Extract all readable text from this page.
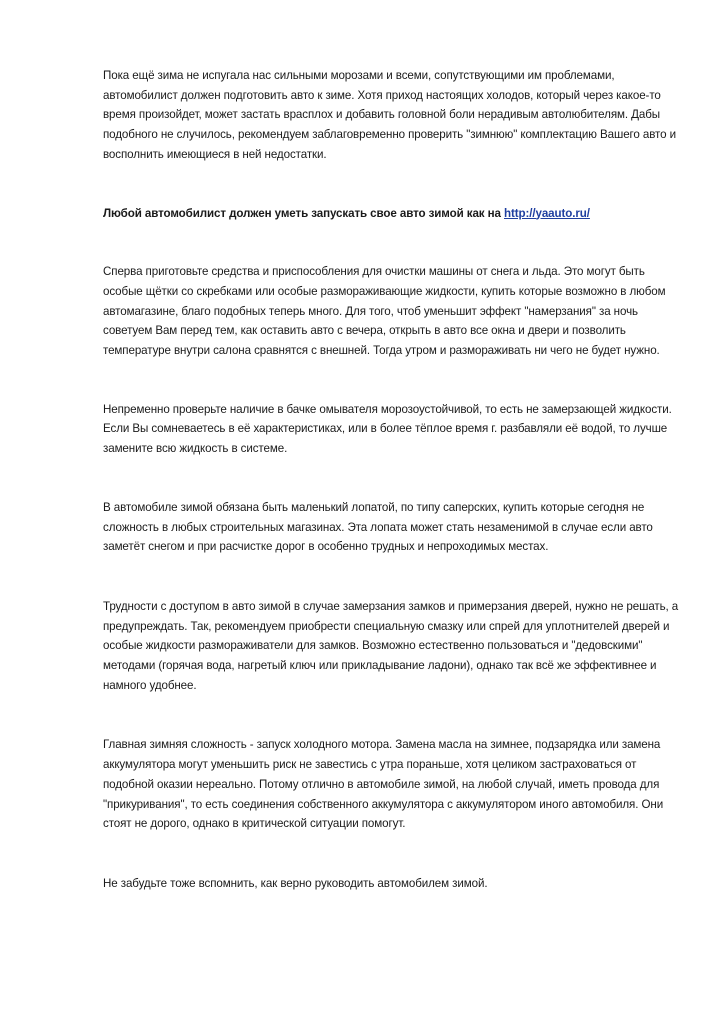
Пока ещё зима не испугала нас сильными морозами и всеми, сопутствующими им проблемами, автомобилист должен подготовить авто к зиме. Хотя приход настоящих холодов, который через какое-то время произойдет, может застать врасплох и добавить головной боли нерадивым автолюбителям. Дабы подобного не случилось, рекомендуем заблаговременно проверить "зимнюю" комплектацию Вашего авто и восполнить имеющиеся в ней недостатки.

Любой автомобилист должен уметь запускать свое авто зимой как на http://yaauto.ru/

Сперва приготовьте средства и приспособления для очистки машины от снега и льда. Это могут быть особые щётки со скребками или особые размораживающие жидкости, купить которые возможно в любом автомагазине, благо подобных теперь много. Для того, чтоб уменьшит эффект "намерзания" за ночь советуем Вам перед тем, как оставить авто с вечера, открыть в авто все окна и двери и позволить температуре внутри салона сравнятся с внешней. Тогда утром и размораживать ни чего не будет нужно.

Непременно проверьте наличие в бачке омывателя морозоустойчивой, то есть не замерзающей жидкости. Если Вы сомневаетесь в её характеристиках, или в более тёплое время г. разбавляли её водой, то лучше замените всю жидкость в системе.

В автомобиле зимой обязана быть маленький лопатой, по типу саперских, купить которые сегодня не сложность в любых строительных магазинах. Эта лопата может стать незаменимой в случае если авто заметёт снегом и при расчистке дорог в особенно трудных и непроходимых местах.

Трудности с доступом в авто зимой в случае замерзания замков и примерзания дверей, нужно не решать, а предупреждать. Так, рекомендуем приобрести специальную смазку или спрей для уплотнителей дверей и особые жидкости размораживатели для замков. Возможно естественно пользоваться и "дедовскими" методами (горячая вода, нагретый ключ или прикладывание ладони), однако так всё же эффективнее и намного удобнее.

Главная зимняя сложность - запуск холодного мотора. Замена масла на зимнее, подзарядка или замена аккумулятора могут уменьшить риск не завестись с утра пораньше, хотя целиком застраховаться от подобной оказии нереально. Потому отлично в автомобиле зимой, на любой случай, иметь провода для "прикуривания", то есть соединения собственного аккумулятора с аккумулятором иного автомобиля. Они стоят не дорого, однако в критической ситуации помогут.

Не забудьте тоже вспомнить, как верно руководить автомобилем зимой.
